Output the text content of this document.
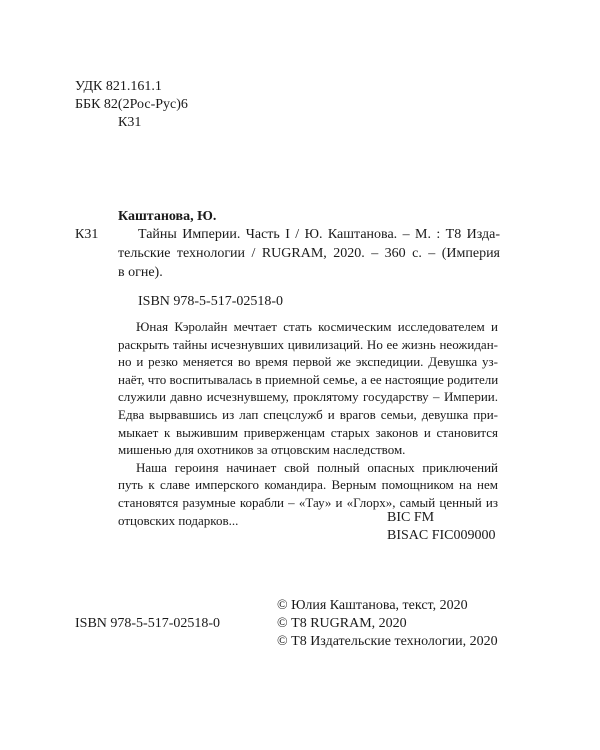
УДК 821.161.1
ББК 82(2Рос-Рус)6
К31
К31
Каштанова, Ю.
Тайны Империи. Часть I / Ю. Каштанова. – М. : Т8 Изда-
тельские технологии / RUGRAM, 2020. – 360 с. – (Империя
в огне).
ISBN 978-5-517-02518-0

Юная Кэролайн мечтает стать космическим исследователем и

раскрыть тайны исчезнувших цивилизаций. Но ее жизнь неожидан-

но и резко меняется во время первой же экспедиции. Девушка уз-

наёт, что воспитывалась в приемной семье, а ее настоящие родители

служили давно исчезнувшему, проклятому государству – Империи.

Едва вырвавшись из лап спецслужб и врагов семьи, девушка при-

мыкает к выжившим приверженцам старых законов и становится

мишенью для охотников за отцовским наследством.

Наша героиня начинает свой полный опасных приключений

путь к славе имперского командира. Верным помощником на нем

становятся разумные корабли – «Тау» и «Глорх», самый ценный из

отцовских подарков...	BIC FM
BISAC FIC009000
ISBN 978-5-517-02518-0
© Юлия Каштанова, текст, 2020
© Т8 RUGRAM, 2020
© Т8 Издательские технологии, 2020
